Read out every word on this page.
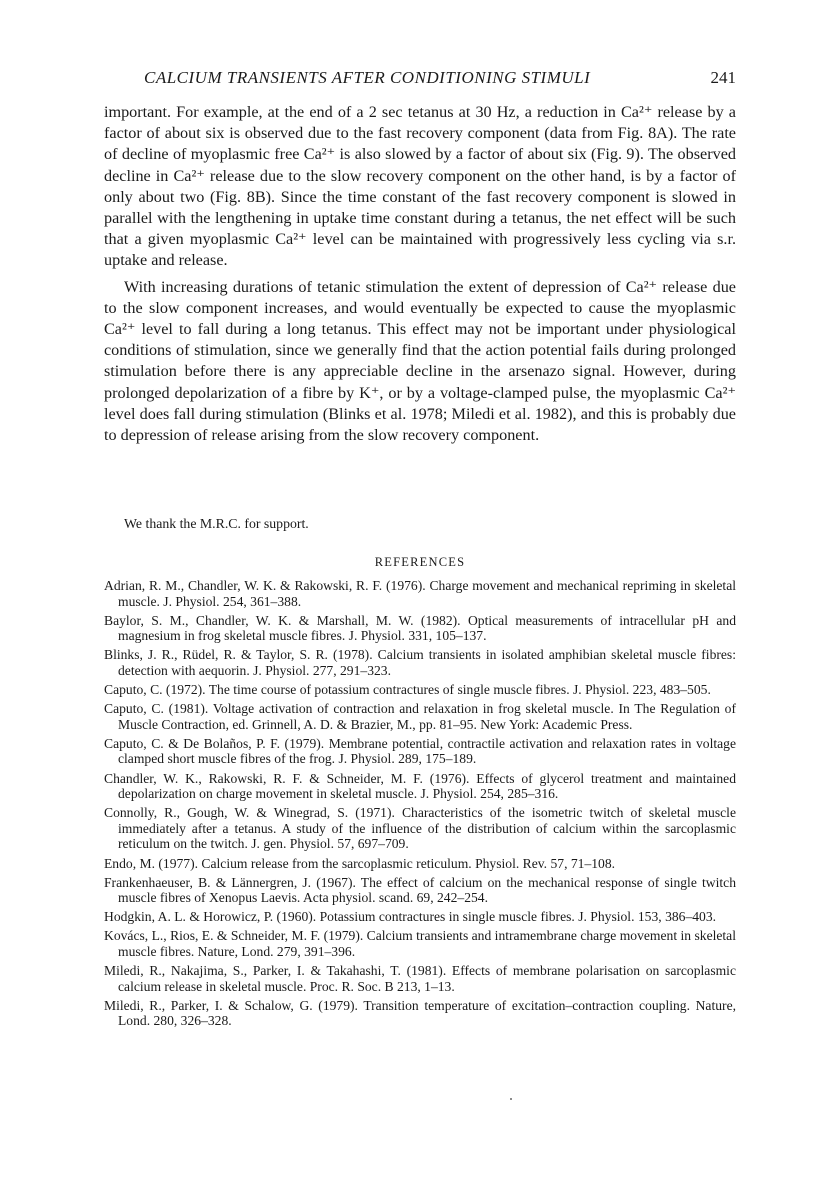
CALCIUM TRANSIENTS AFTER CONDITIONING STIMULI	241

important. For example, at the end of a 2 sec tetanus at 30 Hz, a reduction in Ca²⁺ release by a factor of about six is observed due to the fast recovery component (data from Fig. 8A). The rate of decline of myoplasmic free Ca²⁺ is also slowed by a factor of about six (Fig. 9). The observed decline in Ca²⁺ release due to the slow recovery component on the other hand, is by a factor of only about two (Fig. 8B). Since the time constant of the fast recovery component is slowed in parallel with the lengthening in uptake time constant during a tetanus, the net effect will be such that a given myoplasmic Ca²⁺ level can be maintained with progressively less cycling via s.r. uptake and release.

With increasing durations of tetanic stimulation the extent of depression of Ca²⁺ release due to the slow component increases, and would eventually be expected to cause the myoplasmic Ca²⁺ level to fall during a long tetanus. This effect may not be important under physiological conditions of stimulation, since we generally find that the action potential fails during prolonged stimulation before there is any appreciable decline in the arsenazo signal. However, during prolonged depolarization of a fibre by K⁺, or by a voltage-clamped pulse, the myoplasmic Ca²⁺ level does fall during stimulation (Blinks et al. 1978; Miledi et al. 1982), and this is probably due to depression of release arising from the slow recovery component.

We thank the M.R.C. for support.

REFERENCES
Adrian, R. M., Chandler, W. K. & Rakowski, R. F. (1976). Charge movement and mechanical repriming in skeletal muscle. J. Physiol. 254, 361–388.
Baylor, S. M., Chandler, W. K. & Marshall, M. W. (1982). Optical measurements of intracellular pH and magnesium in frog skeletal muscle fibres. J. Physiol. 331, 105–137.
Blinks, J. R., Rüdel, R. & Taylor, S. R. (1978). Calcium transients in isolated amphibian skeletal muscle fibres: detection with aequorin. J. Physiol. 277, 291–323.
Caputo, C. (1972). The time course of potassium contractures of single muscle fibres. J. Physiol. 223, 483–505.
Caputo, C. (1981). Voltage activation of contraction and relaxation in frog skeletal muscle. In The Regulation of Muscle Contraction, ed. Grinnell, A. D. & Brazier, M., pp. 81–95. New York: Academic Press.
Caputo, C. & De Bolaños, P. F. (1979). Membrane potential, contractile activation and relaxation rates in voltage clamped short muscle fibres of the frog. J. Physiol. 289, 175–189.
Chandler, W. K., Rakowski, R. F. & Schneider, M. F. (1976). Effects of glycerol treatment and maintained depolarization on charge movement in skeletal muscle. J. Physiol. 254, 285–316.
Connolly, R., Gough, W. & Winegrad, S. (1971). Characteristics of the isometric twitch of skeletal muscle immediately after a tetanus. A study of the influence of the distribution of calcium within the sarcoplasmic reticulum on the twitch. J. gen. Physiol. 57, 697–709.
Endo, M. (1977). Calcium release from the sarcoplasmic reticulum. Physiol. Rev. 57, 71–108.
Frankenhaeuser, B. & Lännergren, J. (1967). The effect of calcium on the mechanical response of single twitch muscle fibres of Xenopus Laevis. Acta physiol. scand. 69, 242–254.
Hodgkin, A. L. & Horowicz, P. (1960). Potassium contractures in single muscle fibres. J. Physiol. 153, 386–403.
Kovács, L., Rios, E. & Schneider, M. F. (1979). Calcium transients and intramembrane charge movement in skeletal muscle fibres. Nature, Lond. 279, 391–396.
Miledi, R., Nakajima, S., Parker, I. & Takahashi, T. (1981). Effects of membrane polarisation on sarcoplasmic calcium release in skeletal muscle. Proc. R. Soc. B 213, 1–13.
Miledi, R., Parker, I. & Schalow, G. (1979). Transition temperature of excitation–contraction coupling. Nature, Lond. 280, 326–328.
